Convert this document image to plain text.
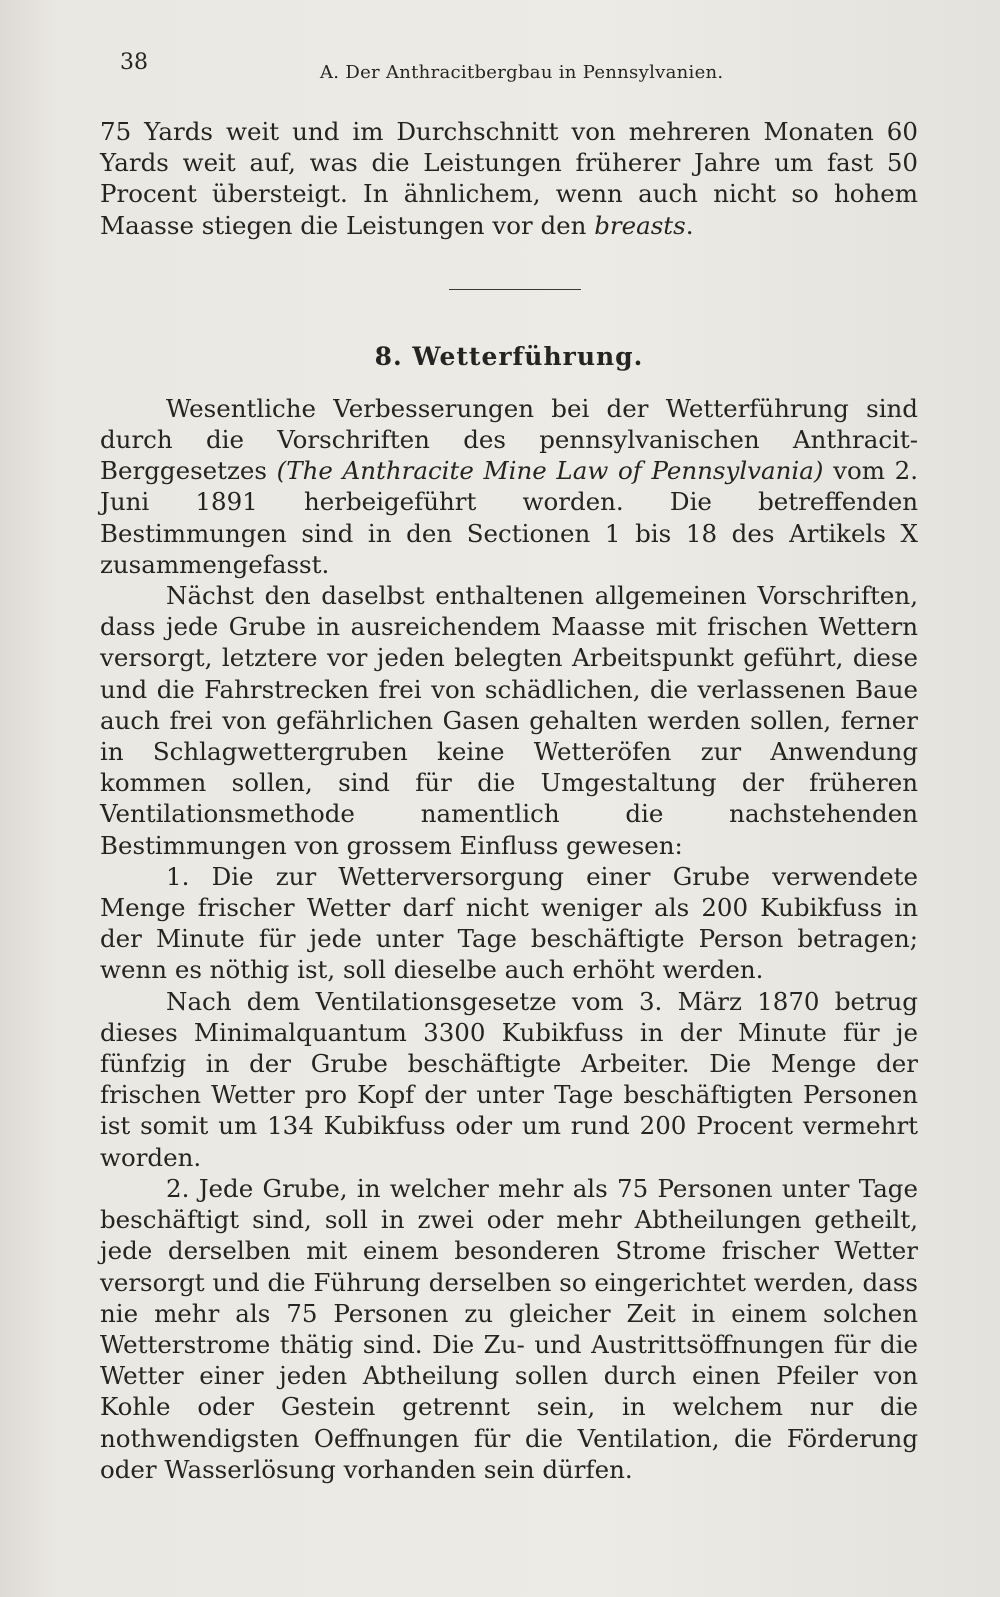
38	A. Der Anthracitbergbau in Pennsylvanien.

75 Yards weit und im Durchschnitt von mehreren Monaten 60 Yards weit auf, was die Leistungen früherer Jahre um fast 50 Procent übersteigt. In ähnlichem, wenn auch nicht so hohem Maasse stiegen die Leistungen vor den breasts.

8. Wetterführung.

Wesentliche Verbesserungen bei der Wetterführung sind durch die Vorschriften des pennsylvanischen Anthracit-Berggesetzes (The Anthracite Mine Law of Pennsylvania) vom 2. Juni 1891 herbeigeführt worden. Die betreffenden Bestimmungen sind in den Sectionen 1 bis 18 des Artikels X zusammengefasst.

Nächst den daselbst enthaltenen allgemeinen Vorschriften, dass jede Grube in ausreichendem Maasse mit frischen Wettern versorgt, letztere vor jeden belegten Arbeitspunkt geführt, diese und die Fahrstrecken frei von schädlichen, die verlassenen Baue auch frei von gefährlichen Gasen gehalten werden sollen, ferner in Schlagwettergruben keine Wetteröfen zur Anwendung kommen sollen, sind für die Umgestaltung der früheren Ventilationsmethode namentlich die nachstehenden Bestimmungen von grossem Einfluss gewesen:

1. Die zur Wetterversorgung einer Grube verwendete Menge frischer Wetter darf nicht weniger als 200 Kubikfuss in der Minute für jede unter Tage beschäftigte Person betragen; wenn es nöthig ist, soll dieselbe auch erhöht werden.

Nach dem Ventilationsgesetze vom 3. März 1870 betrug dieses Minimalquantum 3300 Kubikfuss in der Minute für je fünfzig in der Grube beschäftigte Arbeiter. Die Menge der frischen Wetter pro Kopf der unter Tage beschäftigten Personen ist somit um 134 Kubikfuss oder um rund 200 Procent vermehrt worden.

2. Jede Grube, in welcher mehr als 75 Personen unter Tage beschäftigt sind, soll in zwei oder mehr Abtheilungen getheilt, jede derselben mit einem besonderen Strome frischer Wetter versorgt und die Führung derselben so eingerichtet werden, dass nie mehr als 75 Personen zu gleicher Zeit in einem solchen Wetterstrome thätig sind. Die Zu- und Austrittsöffnungen für die Wetter einer jeden Abtheilung sollen durch einen Pfeiler von Kohle oder Gestein getrennt sein, in welchem nur die nothwendigsten Oeffnungen für die Ventilation, die Förderung oder Wasserlösung vorhanden sein dürfen.
